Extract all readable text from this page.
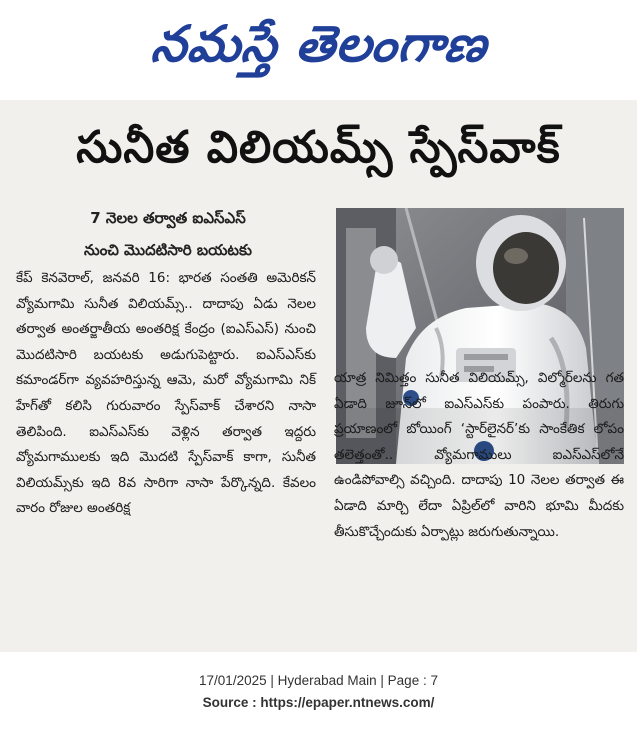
నమస్తే తెలంగాణ
సునీత విలియమ్స్ స్పేస్‌వాక్
7 నెలల తర్వాత ఐఎస్ఎస్
నుంచి మొదటిసారి బయటకు

కేప్ కెనవెరాల్, జనవరి 16: భారత సంతతి అమెరికన్ వ్యోమగామి సునీత విలియమ్స్.. దాదాపు ఏడు నెలల తర్వాత అంతర్జాతీయ అంతరిక్ష కేంద్రం (ఐఎస్ఎస్) నుంచి మొదటిసారి బయటకు అడుగుపెట్టారు. ఐఎస్ఎస్‌కు కమాండర్‌గా వ్యవహరిస్తున్న ఆమె, మరో వ్యోమగామి నిక్ హేగ్‌తో కలిసి గురువారం స్పేస్‌వాక్ చేశారని నాసా తెలిపింది. ఐఎస్ఎస్‌కు వెళ్లిన తర్వాత ఇద్దరు వ్యోమగాములకు ఇది మొదటి స్పేస్‌వాక్ కాగా, సునీత విలియమ్స్‌కు ఇది 8వ సారిగా నాసా పేర్కొన్నది. కేవలం వారం రోజుల అంతరిక్ష

యాత్ర నిమిత్తం సునీత విలియమ్స్, విల్మోర్‌లను గత ఏడాది జూన్‌లో ఐఎస్ఎస్‌కు పంపారు. తిరుగు ప్రయాణంలో బోయింగ్ ‘స్టార్‌లైనర్’కు సాంకేతిక లోపం తలెత్తంతో.. వ్యోమగాములు ఐఎస్ఎస్‌లోనే ఉండిపోవాల్సి వచ్చింది. దాదాపు 10 నెలల తర్వాత ఈ ఏడాది మార్చి లేదా ఏప్రిల్‌లో వారిని భూమి మీదకు తీసుకొచ్చేందుకు ఏర్పాట్లు జరుగుతున్నాయి.

17/01/2025 | Hyderabad Main | Page : 7
Source : https://epaper.ntnews.com/
